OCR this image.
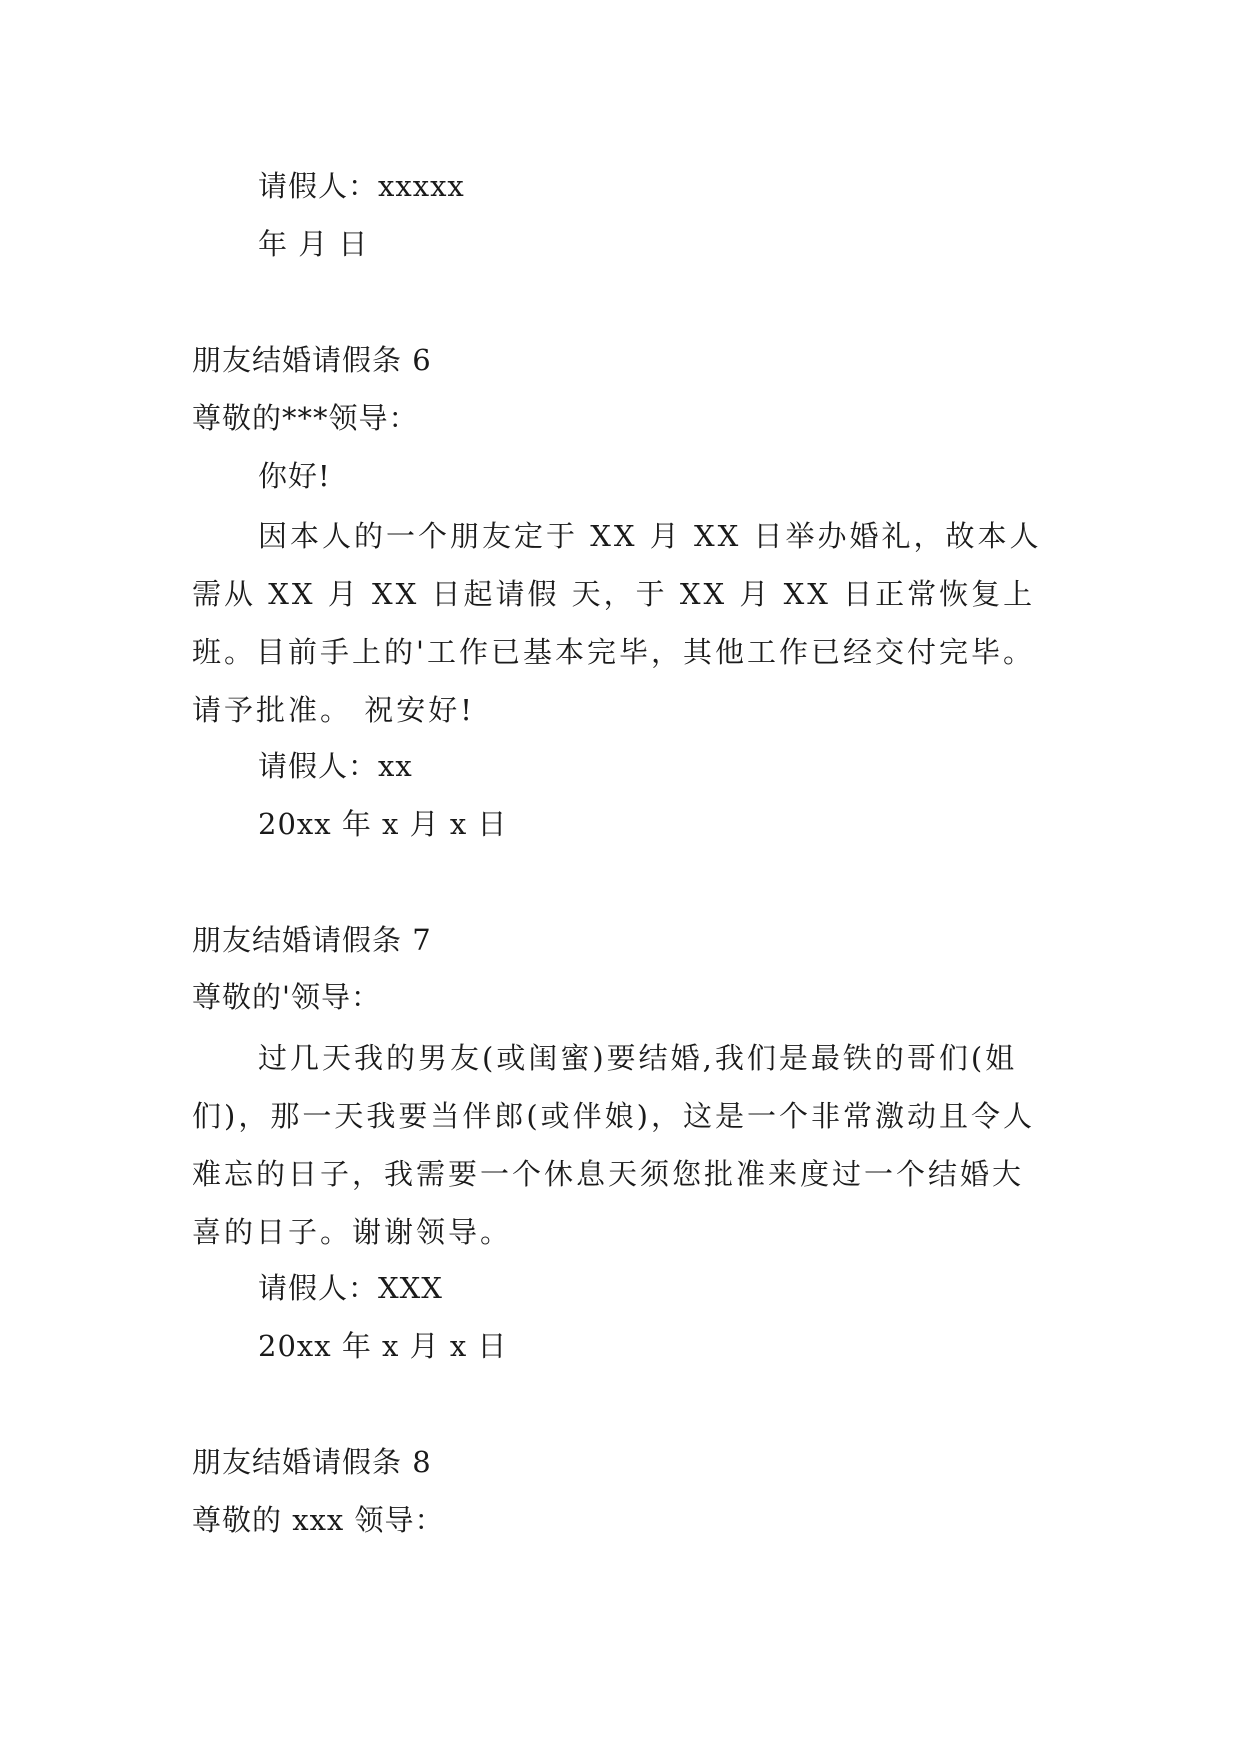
请假人：xxxxx
年 月 日
朋友结婚请假条 6
尊敬的***领导：
你好!
因本人的一个朋友定于 XX 月 XX 日举办婚礼，故本人需从 XX 月 XX 日起请假 天，于 XX 月 XX 日正常恢复上班。目前手上的'工作已基本完毕，其他工作已经交付完毕。请予批准。 祝安好!
请假人：xx
20xx 年 x 月 x 日
朋友结婚请假条 7
尊敬的'领导：
过几天我的男友(或闺蜜)要结婚,我们是最铁的哥们(姐们)，那一天我要当伴郎(或伴娘)，这是一个非常激动且令人难忘的日子，我需要一个休息天须您批准来度过一个结婚大喜的日子。谢谢领导。
请假人：XXX
20xx 年 x 月 x 日
朋友结婚请假条 8
尊敬的 xxx 领导：
